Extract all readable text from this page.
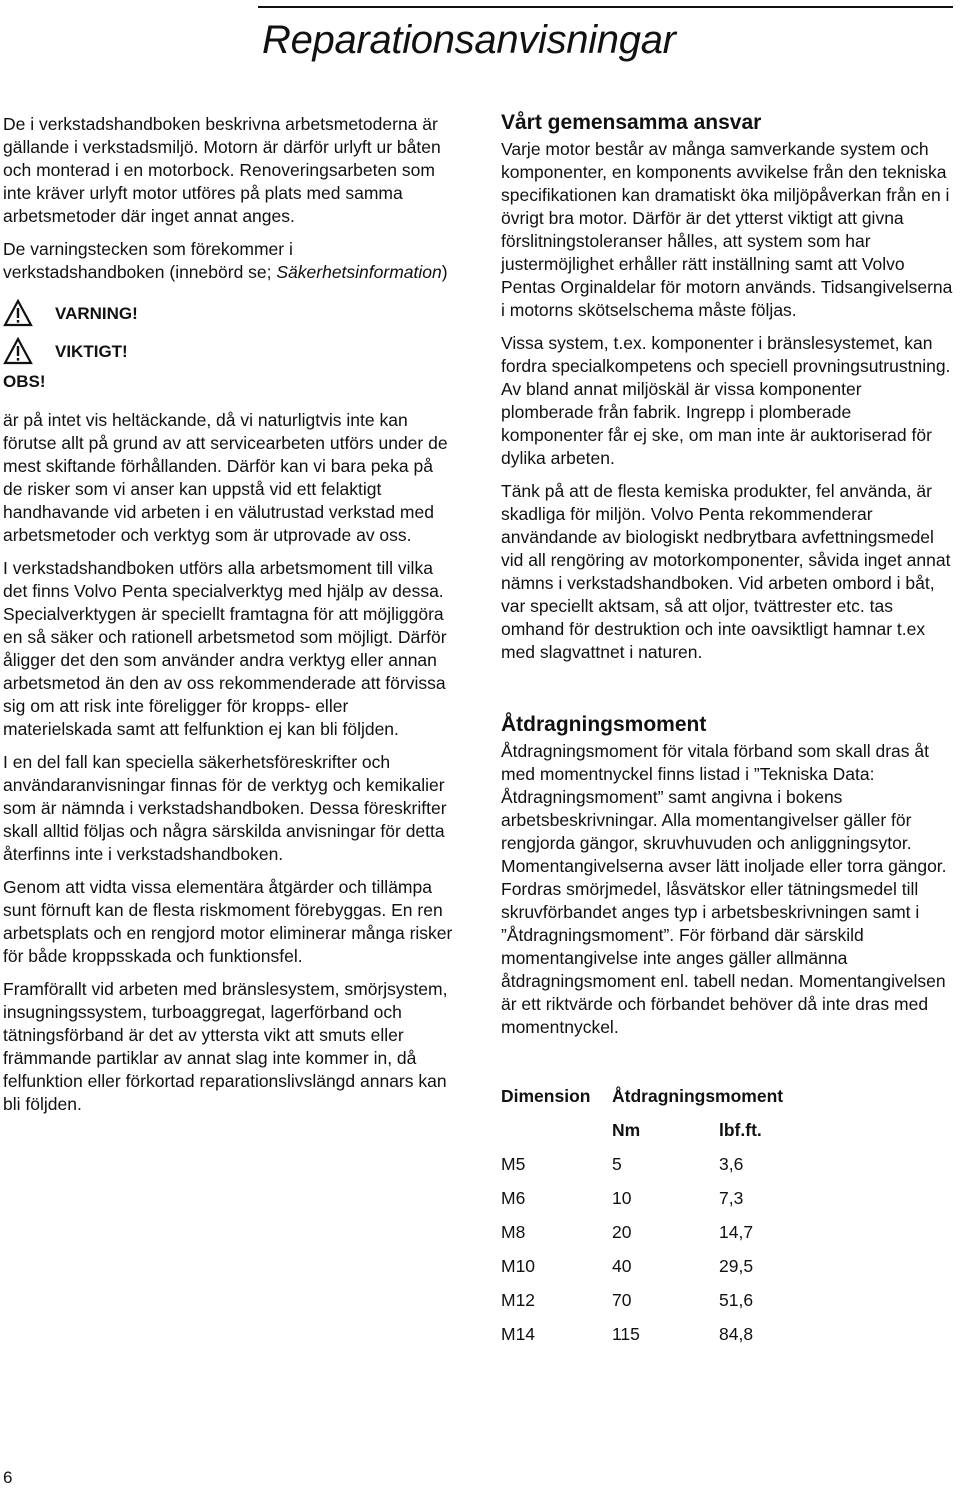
Reparationsanvisningar

De i verkstadshandboken beskrivna arbetsmetoderna är gällande i verkstadsmiljö. Motorn är därför urlyft ur båten och monterad i en motorbock. Renoveringsarbeten som inte kräver urlyft motor utföres på plats med samma arbetsmetoder där inget annat anges.

De varningstecken som förekommer i verkstadshandboken (innebörd se; Säkerhetsinformation)

VARNING!
VIKTIGT!
OBS!

är på intet vis heltäckande, då vi naturligtvis inte kan förutse allt på grund av att servicearbeten utförs under de mest skiftande förhållanden. Därför kan vi bara peka på de risker som vi anser kan uppstå vid ett felaktigt handhavande vid arbeten i en välutrustad verkstad med arbetsmetoder och verktyg som är utprovade av oss.

I verkstadshandboken utförs alla arbetsmoment till vilka det finns Volvo Penta specialverktyg med hjälp av dessa. Specialverktygen är speciellt framtagna för att möjliggöra en så säker och rationell arbetsmetod som möjligt. Därför åligger det den som använder andra verktyg eller annan arbetsmetod än den av oss rekommenderade att förvissa sig om att risk inte föreligger för kropps- eller materielskada samt att felfunktion ej kan bli följden.

I en del fall kan speciella säkerhetsföreskrifter och användaranvisningar finnas för de verktyg och kemikalier som är nämnda i verkstadshandboken. Dessa föreskrifter skall alltid följas och några särskilda anvisningar för detta återfinns inte i verkstadshandboken.

Genom att vidta vissa elementära åtgärder och tillämpa sunt förnuft kan de flesta riskmoment förebyggas. En ren arbetsplats och en rengjord motor eliminerar många risker för både kroppsskada och funktionsfel.

Framförallt vid arbeten med bränslesystem, smörjsystem, insugningssystem, turboaggregat, lagerförband och tätningsförband är det av yttersta vikt att smuts eller främmande partiklar av annat slag inte kommer in, då felfunktion eller förkortad reparationslivslängd annars kan bli följden.

Vårt gemensamma ansvar

Varje motor består av många samverkande system och komponenter, en komponents avvikelse från den tekniska specifikationen kan dramatiskt öka miljöpåverkan från en i övrigt bra motor. Därför är det ytterst viktigt att givna förslitningstoleranser hålles, att system som har justermöjlighet erhåller rätt inställning samt att Volvo Pentas Orginaldelar för motorn används. Tidsangivelserna i motorns skötselschema måste följas.

Vissa system, t.ex. komponenter i bränslesystemet, kan fordra specialkompetens och speciell provningsutrustning. Av bland annat miljöskäl är vissa komponenter plomberade från fabrik. Ingrepp i plomberade komponenter får ej ske, om man inte är auktoriserad för dylika arbeten.

Tänk på att de flesta kemiska produkter, fel använda, är skadliga för miljön. Volvo Penta rekommenderar användande av biologiskt nedbrytbara avfettningsmedel vid all rengöring av motorkomponenter, såvida inget annat nämns i verkstadshandboken. Vid arbeten ombord i båt, var speciellt aktsam, så att oljor, tvättrester etc. tas omhand för destruktion och inte oavsiktligt hamnar t.ex med slagvattnet i naturen.

Åtdragningsmoment

Åtdragningsmoment för vitala förband som skall dras åt med momentnyckel finns listad i ”Tekniska Data: Åtdragningsmoment” samt angivna i bokens arbetsbeskrivningar. Alla momentangivelser gäller för rengjorda gängor, skruvhuvuden och anliggningsytor. Momentangivelserna avser lätt inoljade eller torra gängor. Fordras smörjmedel, låsvätskor eller tätningsmedel till skruvförbandet anges typ i arbetsbeskrivningen samt i ”Åtdragningsmoment”. För förband där särskild momentangivelse inte anges gäller allmänna åtdragningsmoment enl. tabell nedan. Momentangivelsen är ett riktvärde och förbandet behöver då inte dras med momentnyckel.

Dimension	Åtdragningsmoment	
	Nm	lbf.ft.
M5	5	3,6
M6	10	7,3
M8	20	14,7
M10	40	29,5
M12	70	51,6
M14	115	84,8
6
